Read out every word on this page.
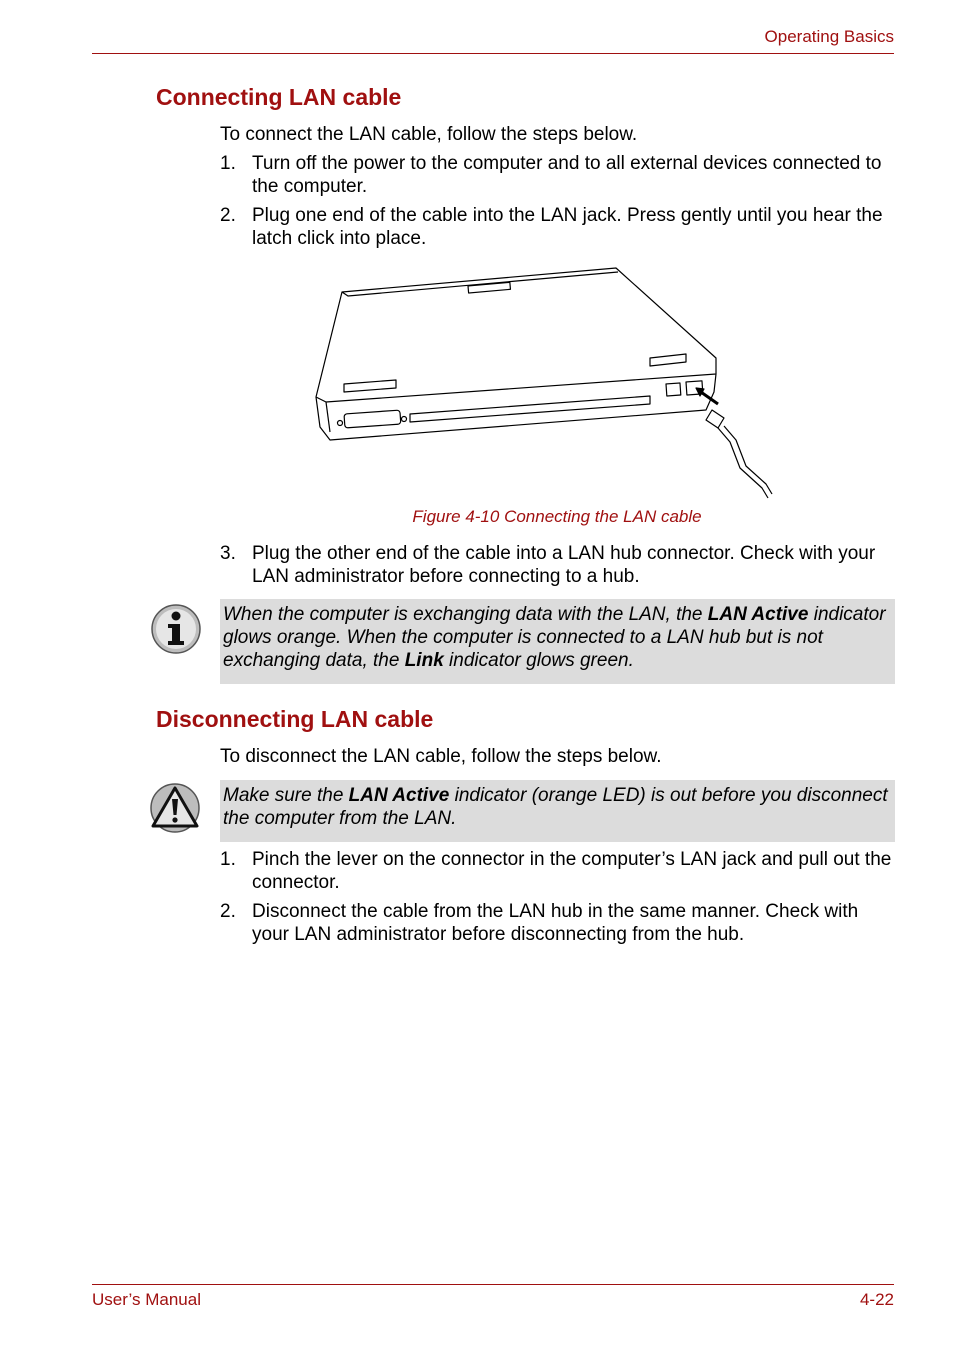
Operating Basics
Connecting LAN cable

To connect the LAN cable, follow the steps below.

1. Turn off the power to the computer and to all external devices connected to the computer.
2. Plug one end of the cable into the LAN jack. Press gently until you hear the latch click into place.
Figure 4-10 Connecting the LAN cable
3. Plug the other end of the cable into a LAN hub connector. Check with your LAN administrator before connecting to a hub.
When the computer is exchanging data with the LAN, the LAN Active indicator glows orange. When the computer is connected to a LAN hub but is not exchanging data, the Link indicator glows green.
Disconnecting LAN cable

To disconnect the LAN cable, follow the steps below.

Make sure the LAN Active indicator (orange LED) is out before you disconnect the computer from the LAN.
1. Pinch the lever on the connector in the computer’s LAN jack and pull out the connector.
2. Disconnect the cable from the LAN hub in the same manner. Check with your LAN administrator before disconnecting from the hub.
User’s Manual	4-22
